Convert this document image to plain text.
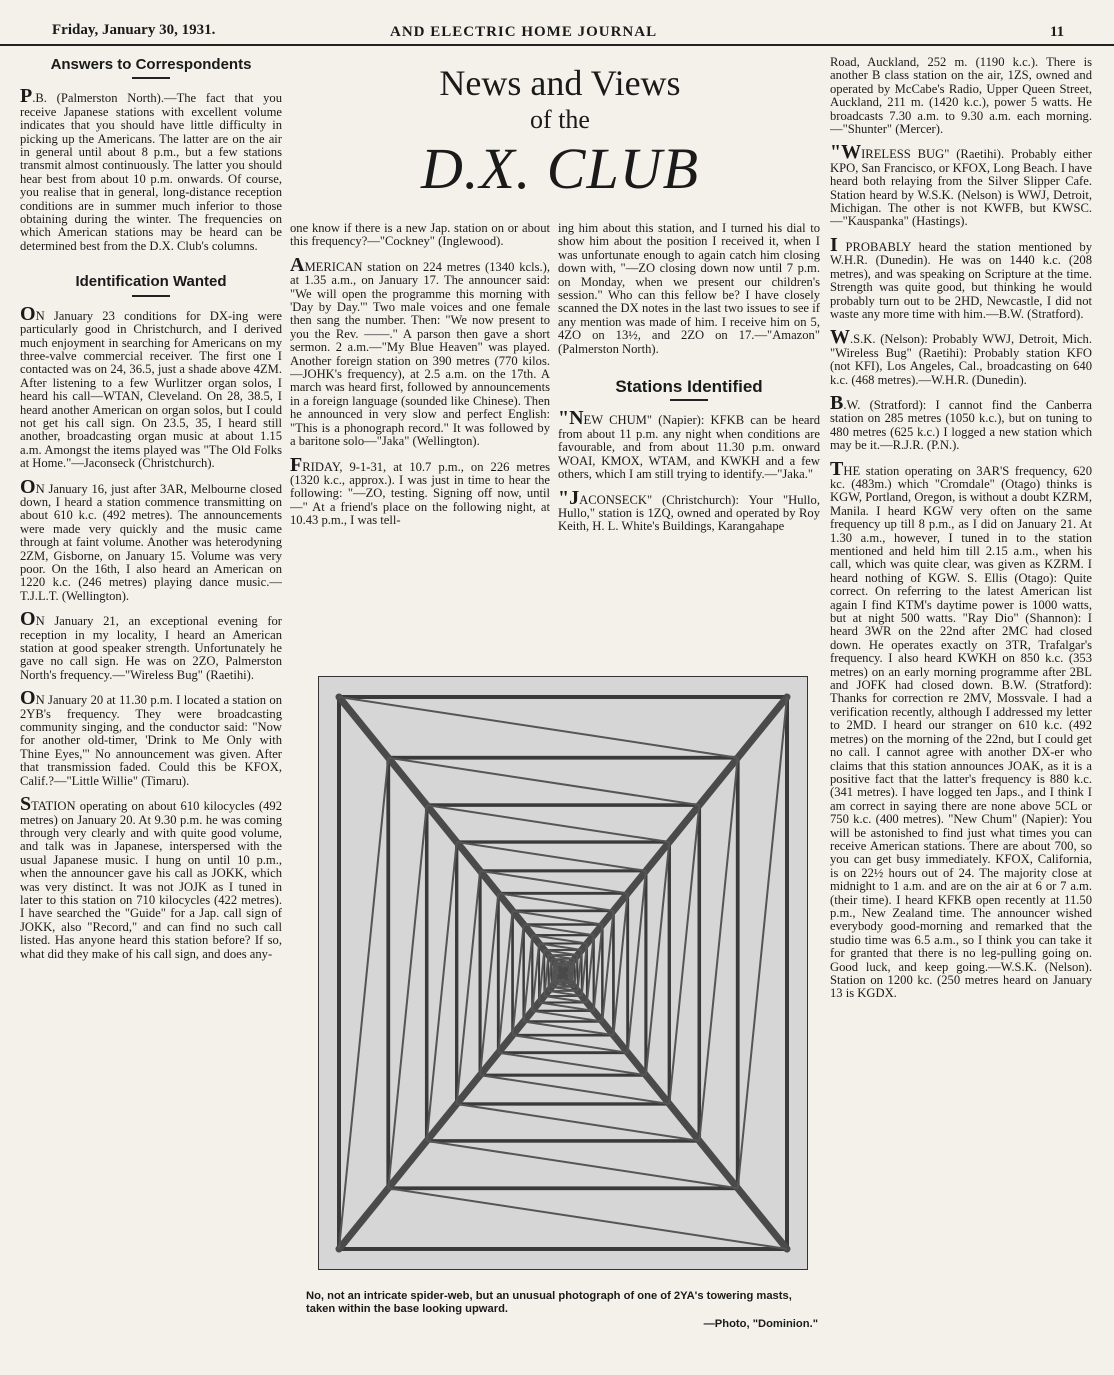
Friday, January 30, 1931.	AND ELECTRIC HOME JOURNAL	11
Answers to Correspondents

P.B. (Palmerston North).—The fact that you receive Japanese stations with excellent volume indicates that you should have little difficulty in picking up the Americans. The latter are on the air in general until about 8 p.m., but a few stations transmit almost continuously. The latter you should hear best from about 10 p.m. onwards. Of course, you realise that in general, long-distance reception conditions are in summer much inferior to those obtaining during the winter. The frequencies on which American stations may be heard can be determined best from the D.X. Club's columns.

Identification Wanted

ON January 23 conditions for DX-ing were particularly good in Christchurch, and I derived much enjoyment in searching for Americans on my three-valve commercial receiver. The first one I contacted was on 24, 36.5, just a shade above 4ZM. After listening to a few Wurlitzer organ solos, I heard his call—WTAN, Cleveland. On 28, 38.5, I heard another American on organ solos, but I could not get his call sign. On 23.5, 35, I heard still another, broadcasting organ music at about 1.15 a.m. Amongst the items played was "The Old Folks at Home."—Jaconseck (Christchurch).

ON January 16, just after 3AR, Melbourne closed down, I heard a station commence transmitting on about 610 k.c. (492 metres). The announcements were made very quickly and the music came through at faint volume. Another was heterodyning 2ZM, Gisborne, on January 15. Volume was very poor. On the 16th, I also heard an American on 1220 k.c. (246 metres) playing dance music.—T.J.L.T. (Wellington).

ON January 21, an exceptional evening for reception in my locality, I heard an American station at good speaker strength. Unfortunately he gave no call sign. He was on 2ZO, Palmerston North's frequency.—"Wireless Bug" (Raetihi).

ON January 20 at 11.30 p.m. I located a station on 2YB's frequency. They were broadcasting community singing, and the conductor said: "Now for another old-timer, 'Drink to Me Only with Thine Eyes,'" No announcement was given. After that transmission faded. Could this be KFOX, Calif.?—"Little Willie" (Timaru).

STATION operating on about 610 kilocycles (492 metres) on January 20. At 9.30 p.m. he was coming through very clearly and with quite good volume, and talk was in Japanese, interspersed with the usual Japanese music. I hung on until 10 p.m., when the announcer gave his call as JOKK, which was very distinct. It was not JOJK as I tuned in later to this station on 710 kilocycles (422 metres). I have searched the "Guide" for a Jap. call sign of JOKK, also "Record," and can find no such call listed. Has anyone heard this station before? If so, what did they make of his call sign, and does any-

News and Views
of the
D.X. CLUB

one know if there is a new Jap. station on or about this frequency?—"Cockney" (Inglewood).

AMERICAN station on 224 metres (1340 kcls.), at 1.35 a.m., on January 17. The announcer said: "We will open the programme this morning with 'Day by Day.'" Two male voices and one female then sang the number. Then: "We now present to you the Rev. ——." A parson then gave a short sermon. 2 a.m.—"My Blue Heaven" was played. Another foreign station on 390 metres (770 kilos.—JOHK's frequency), at 2.5 a.m. on the 17th. A march was heard first, followed by announcements in a foreign language (sounded like Chinese). Then he announced in very slow and perfect English: "This is a phonograph record." It was followed by a baritone solo—"Jaka" (Wellington).

FRIDAY, 9-1-31, at 10.7 p.m., on 226 metres (1320 k.c., approx.). I was just in time to hear the following: "—ZO, testing. Signing off now, until—" At a friend's place on the following night, at 10.43 p.m., I was tell-

ing him about this station, and I turned his dial to show him about the position I received it, when I was unfortunate enough to again catch him closing down with, "—ZO closing down now until 7 p.m. on Monday, when we present our children's session." Who can this fellow be? I have closely scanned the DX notes in the last two issues to see if any mention was made of him. I receive him on 5, 4ZO on 13½, and 2ZO on 17.—"Amazon" (Palmerston North).

Stations Identified

"NEW CHUM" (Napier): KFKB can be heard from about 11 p.m. any night when conditions are favourable, and from about 11.30 p.m. onward WOAI, KMOX, WTAM, and KWKH and a few others, which I am still trying to identify.—"Jaka."

"JACONSECK" (Christchurch): Your "Hullo, Hullo," station is 1ZQ, owned and operated by Roy Keith, H. L. White's Buildings, Karangahape

No, not an intricate spider-web, but an unusual photograph of one of 2YA's towering masts, taken within the base looking upward.
—Photo, "Dominion."

Road, Auckland, 252 m. (1190 k.c.). There is another B class station on the air, 1ZS, owned and operated by McCabe's Radio, Upper Queen Street, Auckland, 211 m. (1420 k.c.), power 5 watts. He broadcasts 7.30 a.m. to 9.30 a.m. each morning.—"Shunter" (Mercer).

"WIRELESS BUG" (Raetihi). Probably either KPO, San Francisco, or KFOX, Long Beach. I have heard both relaying from the Silver Slipper Cafe. Station heard by W.S.K. (Nelson) is WWJ, Detroit, Michigan. The other is not KWFB, but KWSC.—"Kauspanka" (Hastings).

I PROBABLY heard the station mentioned by W.H.R. (Dunedin). He was on 1440 k.c. (208 metres), and was speaking on Scripture at the time. Strength was quite good, but thinking he would probably turn out to be 2HD, Newcastle, I did not waste any more time with him.—B.W. (Stratford).

W.S.K. (Nelson): Probably WWJ, Detroit, Mich. "Wireless Bug" (Raetihi): Probably station KFO (not KFI), Los Angeles, Cal., broadcasting on 640 k.c. (468 metres).—W.H.R. (Dunedin).

B.W. (Stratford): I cannot find the Canberra station on 285 metres (1050 k.c.), but on tuning to 480 metres (625 k.c.) I logged a new station which may be it.—R.J.R. (P.N.).

THE station operating on 3AR'S frequency, 620 kc. (483m.) which "Cromdale" (Otago) thinks is KGW, Portland, Oregon, is without a doubt KZRM, Manila. I heard KGW very often on the same frequency up till 8 p.m., as I did on January 21. At 1.30 a.m., however, I tuned in to the station mentioned and held him till 2.15 a.m., when his call, which was quite clear, was given as KZRM. I heard nothing of KGW. S. Ellis (Otago): Quite correct. On referring to the latest American list again I find KTM's daytime power is 1000 watts, but at night 500 watts. "Ray Dio" (Shannon): I heard 3WR on the 22nd after 2MC had closed down. He operates exactly on 3TR, Trafalgar's frequency. I also heard KWKH on 850 k.c. (353 metres) on an early morning programme after 2BL and JOFK had closed down. B.W. (Stratford): Thanks for correction re 2MV, Mossvale. I had a verification recently, although I addressed my letter to 2MD. I heard our stranger on 610 k.c. (492 metres) on the morning of the 22nd, but I could get no call. I cannot agree with another DX-er who claims that this station announces JOAK, as it is a positive fact that the latter's frequency is 880 k.c. (341 metres). I have logged ten Japs., and I think I am correct in saying there are none above 5CL or 750 k.c. (400 metres). "New Chum" (Napier): You will be astonished to find just what times you can receive American stations. There are about 700, so you can get busy immediately. KFOX, California, is on 22½ hours out of 24. The majority close at midnight to 1 a.m. and are on the air at 6 or 7 a.m. (their time). I heard KFKB open recently at 11.50 p.m., New Zealand time. The announcer wished everybody good-morning and remarked that the studio time was 6.5 a.m., so I think you can take it for granted that there is no leg-pulling going on. Good luck, and keep going.—W.S.K. (Nelson). Station on 1200 kc. (250 metres heard on January 13 is KGDX.
